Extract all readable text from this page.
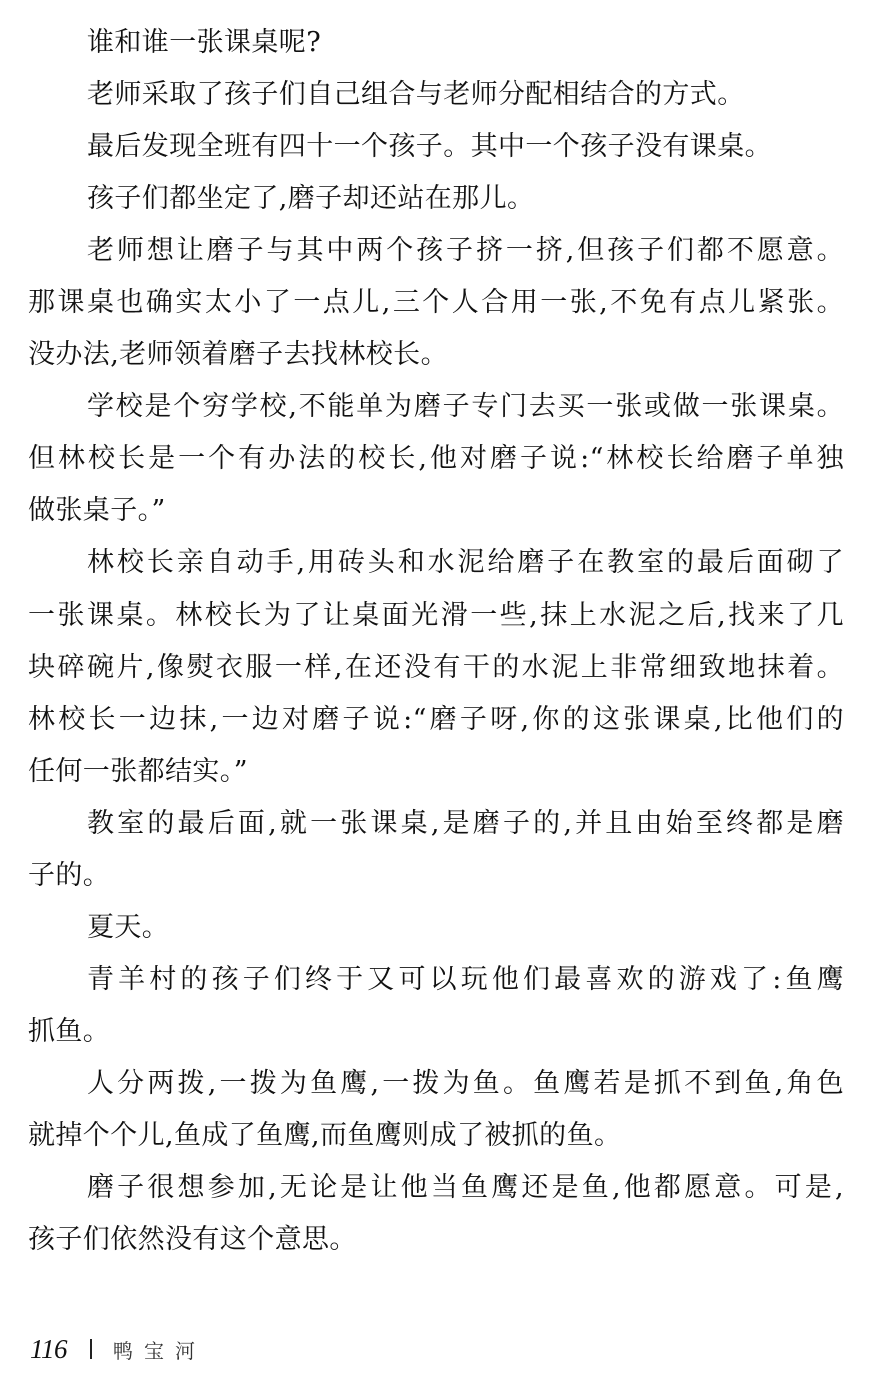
谁和谁一张课桌呢?
老师采取了孩子们自己组合与老师分配相结合的方式。
最后发现全班有四十一个孩子。其中一个孩子没有课桌。
孩子们都坐定了,磨子却还站在那儿。
老师想让磨子与其中两个孩子挤一挤,但孩子们都不愿意。
那课桌也确实太小了一点儿,三个人合用一张,不免有点儿紧张。
没办法,老师领着磨子去找林校长。
学校是个穷学校,不能单为磨子专门去买一张或做一张课桌。
但林校长是一个有办法的校长,他对磨子说:“林校长给磨子单独
做张桌子。”
林校长亲自动手,用砖头和水泥给磨子在教室的最后面砌了
一张课桌。林校长为了让桌面光滑一些,抹上水泥之后,找来了几
块碎碗片,像熨衣服一样,在还没有干的水泥上非常细致地抹着。
林校长一边抹,一边对磨子说:“磨子呀,你的这张课桌,比他们的
任何一张都结实。”
教室的最后面,就一张课桌,是磨子的,并且由始至终都是磨
子的。
夏天。
青羊村的孩子们终于又可以玩他们最喜欢的游戏了:鱼鹰
抓鱼。
人分两拨,一拨为鱼鹰,一拨为鱼。鱼鹰若是抓不到鱼,角色
就掉个个儿,鱼成了鱼鹰,而鱼鹰则成了被抓的鱼。
磨子很想参加,无论是让他当鱼鹰还是鱼,他都愿意。可是,
孩子们依然没有这个意思。
116 鸭宝河
